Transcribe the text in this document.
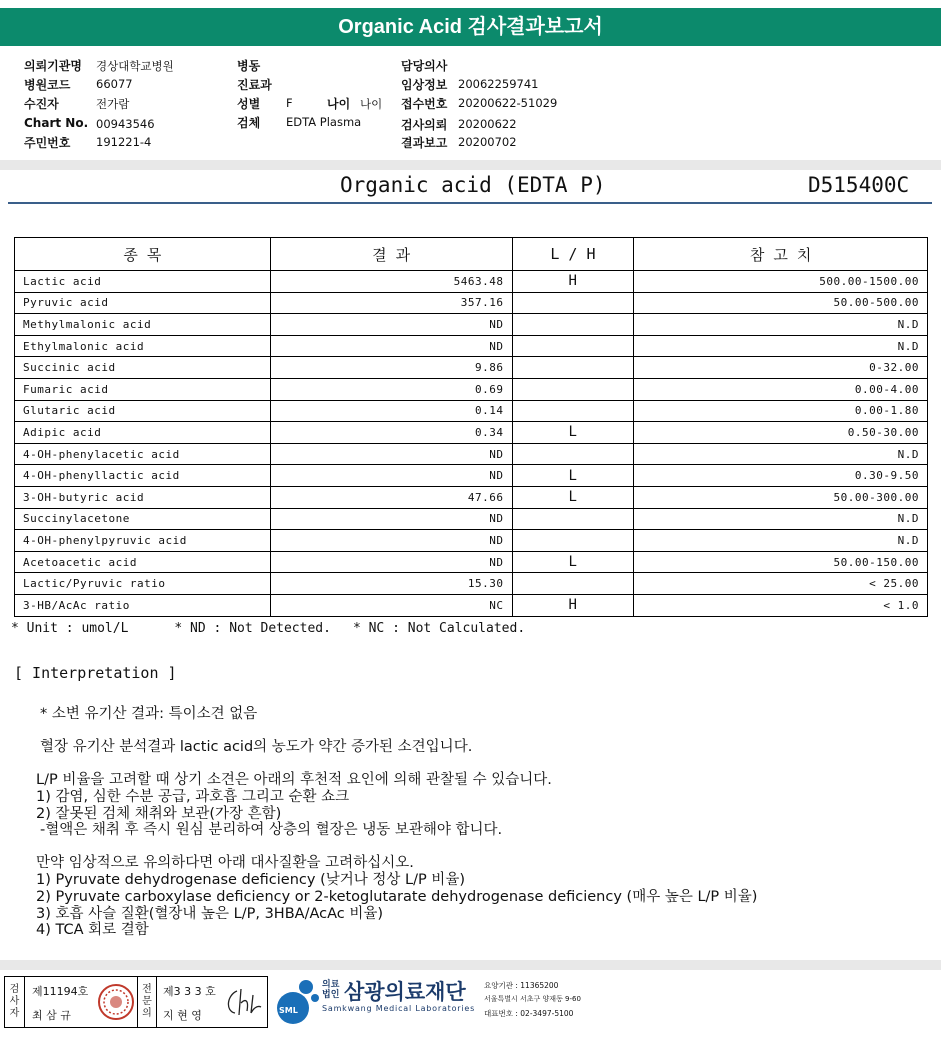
Organic Acid 검사결과보고서
의뢰기관명 경상대학교병원
병원코드 66077
수진자	전가람
Chart No. 00943546
주민번호 191221-4
병동
진료과
성별 F	나이 나이
검체 EDTA Plasma
담당의사
임상정보 20062259741
접수번호 20200622-51029
검사의뢰 20200622
결과보고 20200702
Organic acid (EDTA P)	D515400C
종 목	결 과	L / H	참 고 치
Lactic acid	5463.48	H	500.00-1500.00
Pyruvic acid	357.16		50.00-500.00
Methylmalonic acid	ND		N.D
Ethylmalonic acid	ND		N.D
Succinic acid	9.86		0-32.00
Fumaric acid	0.69		0.00-4.00
Glutaric acid	0.14		0.00-1.80
Adipic acid	0.34	L	0.50-30.00
4-OH-phenylacetic acid	ND		N.D
4-OH-phenyllactic acid	ND	L	0.30-9.50
3-OH-butyric acid	47.66	L	50.00-300.00
Succinylacetone	ND		N.D
4-OH-phenylpyruvic acid	ND		N.D
Acetoacetic acid	ND	L	50.00-150.00
Lactic/Pyruvic ratio	15.30		< 25.00
3-HB/AcAc ratio	NC	H	< 1.0
* Unit : umol/L	* ND : Not Detected. * NC : Not Calculated.
[ Interpretation ]
* 소변 유기산 결과: 특이소견 없음
혈장 유기산 분석결과 lactic acid의 농도가 약간 증가된 소견입니다.
L/P 비율을 고려할 때 상기 소견은 아래의 후천적 요인에 의해 관찰될 수 있습니다.
1) 감염, 심한 수분 공급, 과호흡 그리고 순환 쇼크
2) 잘못된 검체 채취와 보관(가장 흔함)
-혈액은 채취 후 즉시 원심 분리하여 상층의 혈장은 냉동 보관해야 합니다.
만약 임상적으로 유의하다면 아래 대사질환을 고려하십시오.
1) Pyruvate dehydrogenase deficiency (낮거나 정상 L/P 비율)
2) Pyruvate carboxylase deficiency or 2-ketoglutarate dehydrogenase deficiency (매우 높은 L/P 비율)
3) 호흡 사슬 질환(혈장내 높은 L/P, 3HBA/AcAc 비율)
4) TCA 회로 결함
검사자
제11194호
최 삼 규
전문의
제3 3 3 호
지 현 영	SML
의료법인 삼광의료재단
Samkwang Medical Laboratories
요양기관 : 11365200
서울특별시 서초구 양재동 9-60
대표번호 : 02-3497-5100
